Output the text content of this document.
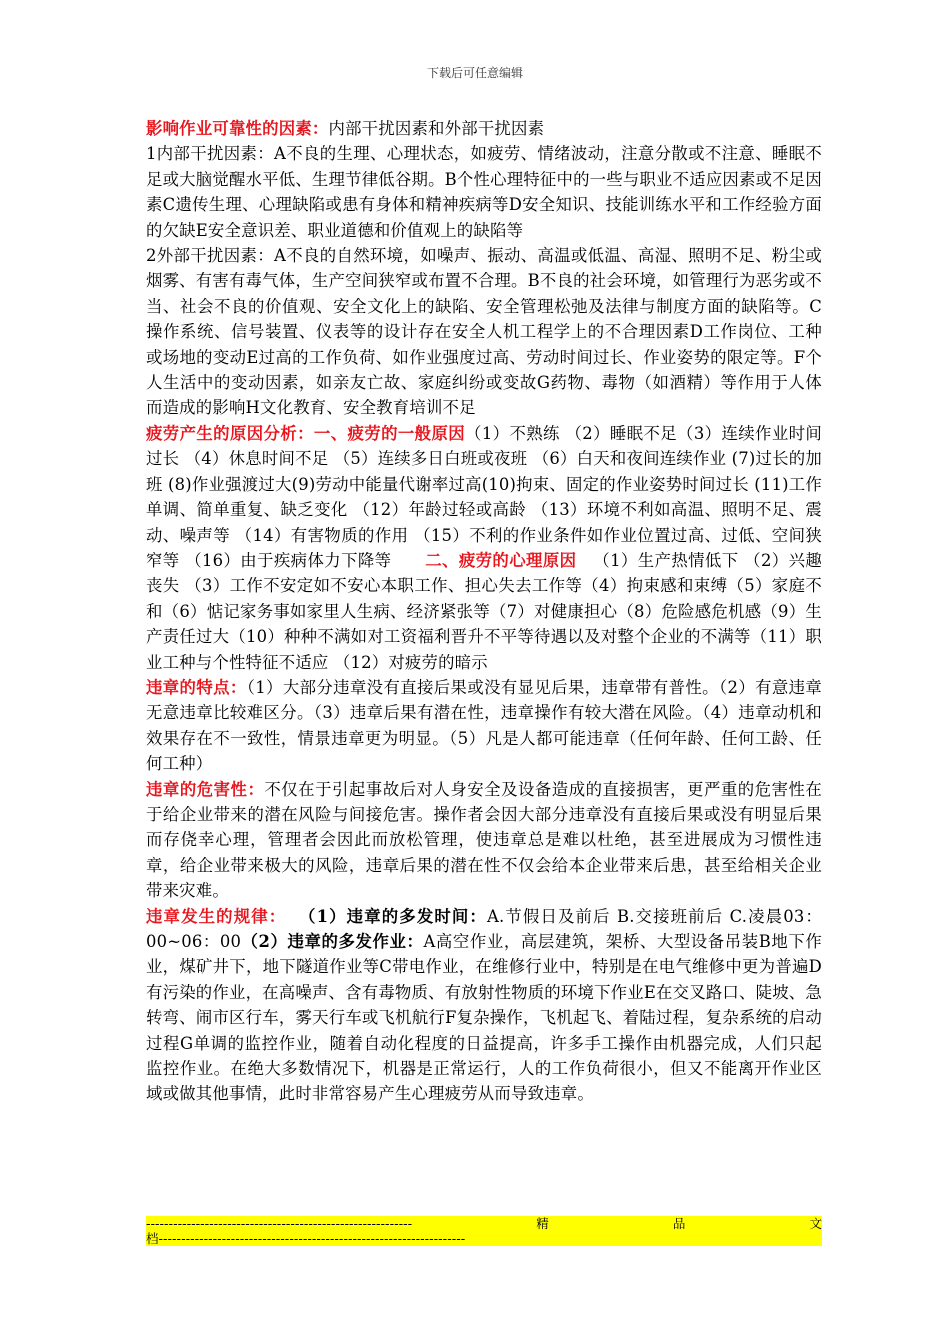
下载后可任意编辑

影响作业可靠性的因素：内部干扰因素和外部干扰因素

1内部干扰因素：A不良的生理、心理状态，如疲劳、情绪波动，注意分散或不注意、睡眠不足或大脑觉醒水平低、生理节律低谷期。B个性心理特征中的一些与职业不适应因素或不足因素C遗传生理、心理缺陷或患有身体和精神疾病等D安全知识、技能训练水平和工作经验方面的欠缺E安全意识差、职业道德和价值观上的缺陷等

2外部干扰因素：A不良的自然环境，如噪声、振动、高温或低温、高湿、照明不足、粉尘或烟雾、有害有毒气体，生产空间狭窄或布置不合理。B不良的社会环境，如管理行为恶劣或不当、社会不良的价值观、安全文化上的缺陷、安全管理松弛及法律与制度方面的缺陷等。C操作系统、信号装置、仪表等的设计存在安全人机工程学上的不合理因素D工作岗位、工种或场地的变动E过高的工作负荷、如作业强度过高、劳动时间过长、作业姿势的限定等。F个人生活中的变动因素，如亲友亡故、家庭纠纷或变故G药物、毒物（如酒精）等作用于人体而造成的影响H文化教育、安全教育培训不足

疲劳产生的原因分析：一、疲劳的一般原因（1）不熟练 （2）睡眠不足（3）连续作业时间过长 （4）休息时间不足 （5）连续多日白班或夜班 （6）白天和夜间连续作业 (7)过长的加班 (8)作业强渡过大(9)劳动中能量代谢率过高(10)拘束、固定的作业姿势时间过长 (11)工作单调、简单重复、缺乏变化 （12）年龄过轻或高龄 （13）环境不利如高温、照明不足、震动、噪声等 （14）有害物质的作用 （15）不利的作业条件如作业位置过高、过低、空间狭窄等 （16）由于疾病体力下降等 二、疲劳的心理原因 （1）生产热情低下 （2）兴趣丧失 （3）工作不安定如不安心本职工作、担心失去工作等（4）拘束感和束缚（5）家庭不和（6）惦记家务事如家里人生病、经济紧张等（7）对健康担心（8）危险感危机感（9）生产责任过大（10）种种不满如对工资福利晋升不平等待遇以及对整个企业的不满等（11）职业工种与个性特征不适应 （12）对疲劳的暗示

违章的特点：（1）大部分违章没有直接后果或没有显见后果，违章带有普性。（2）有意违章无意违章比较难区分。（3）违章后果有潜在性，违章操作有较大潜在风险。（4）违章动机和效果存在不一致性，情景违章更为明显。（5）凡是人都可能违章（任何年龄、任何工龄、任何工种）

违章的危害性：不仅在于引起事故后对人身安全及设备造成的直接损害，更严重的危害性在于给企业带来的潜在风险与间接危害。操作者会因大部分违章没有直接后果或没有明显后果而存侥幸心理，管理者会因此而放松管理，使违章总是难以杜绝，甚至进展成为习惯性违章，给企业带来极大的风险，违章后果的潜在性不仅会给本企业带来后患，甚至给相关企业带来灾难。

违章发生的规律： （1）违章的多发时间：A.节假日及前后 B.交接班前后 C.凌晨03：00~06：00（2）违章的多发作业：A高空作业，高层建筑，架桥、大型设备吊装B地下作业，煤矿井下，地下隧道作业等C带电作业，在维修行业中，特别是在电气维修中更为普遍D有污染的作业，在高噪声、含有毒物质、有放射性物质的环境下作业E在交叉路口、陡坡、急转弯、闹市区行车，雾天行车或飞机航行F复杂操作，飞机起飞、着陆过程，复杂系统的启动过程G单调的监控作业，随着自动化程度的日益提高，许多手工操作由机器完成，人们只起监控作业。在绝大多数情况下，机器是正常运行，人的工作负荷很小，但又不能离开作业区域或做其他事情，此时非常容易产生心理疲劳从而导致违章。

-----------------------------------------------------------	精	品	文
档--------------------------------------------------------------------
